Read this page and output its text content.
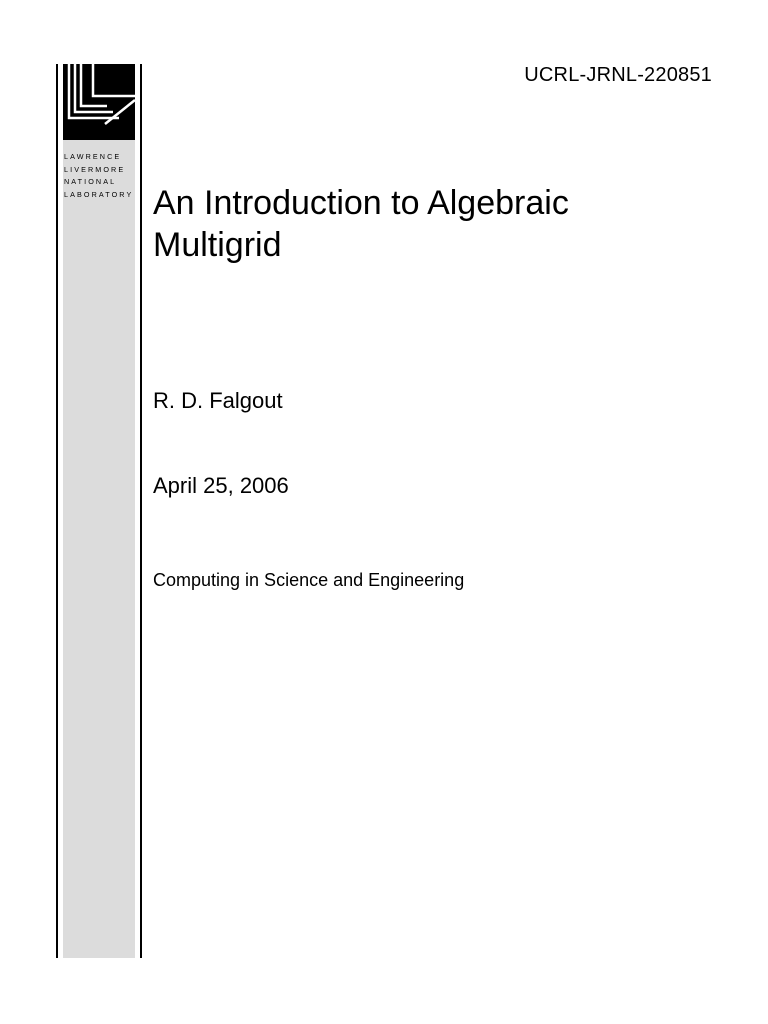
LAWRENCE
LIVERMORE
NATIONAL
LABORATORY
UCRL-JRNL-220851
An Introduction to Algebraic Multigrid
R. D. Falgout
April 25, 2006
Computing in Science and Engineering
